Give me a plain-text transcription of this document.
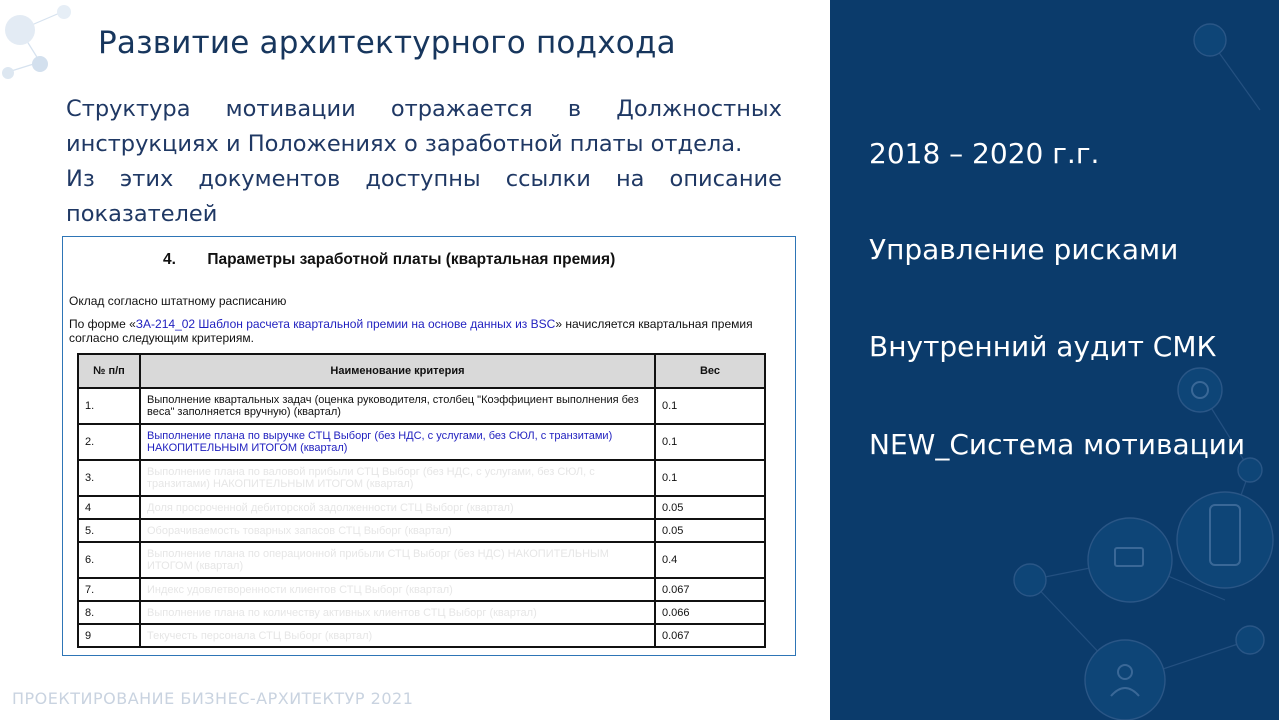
Развитие архитектурного подхода

Структура мотивации отражается в Должностных инструкциях и Положениях о заработной платы отдела.

Из этих документов доступны ссылки на описание показателей

4. Параметры заработной платы (квартальная премия)
Оклад согласно штатному расписанию
По форме «ЗА-214_02 Шаблон расчета квартальной премии на основе данных из BSC» начисляется квартальная премия согласно следующим критериям.
№ п/п	Наименование критерия	Вес
1.	Выполнение квартальных задач (оценка руководителя, столбец "Коэффициент выполнения без веса" заполняется вручную) (квартал)	0.1
2.	Выполнение плана по выручке СТЦ Выборг (без НДС, с услугами, без СЮЛ, с транзитами) НАКОПИТЕЛЬНЫМ ИТОГОМ (квартал)	0.1
3.	Выполнение плана по валовой прибыли СТЦ Выборг (без НДС, с услугами, без СЮЛ, с транзитами) НАКОПИТЕЛЬНЫМ ИТОГОМ (квартал)	0.1
4	Доля просроченной дебиторской задолженности СТЦ Выборг (квартал)	0.05
5.	Оборачиваемость товарных запасов СТЦ Выборг (квартал)	0.05
6.	Выполнение плана по операционной прибыли СТЦ Выборг (без НДС) НАКОПИТЕЛЬНЫМ ИТОГОМ (квартал)	0.4
7.	Индекс удовлетворенности клиентов СТЦ Выборг (квартал)	0.067
8.	Выполнение плана по количеству активных клиентов СТЦ Выборг (квартал)	0.066
9	Текучесть персонала СТЦ Выборг (квартал)	0.067
ПРОЕКТИРОВАНИЕ БИЗНЕС-АРХИТЕКТУР 2021
2018 – 2020 г.г.
Управление рисками
Внутренний аудит СМК
NEW_Система мотивации
